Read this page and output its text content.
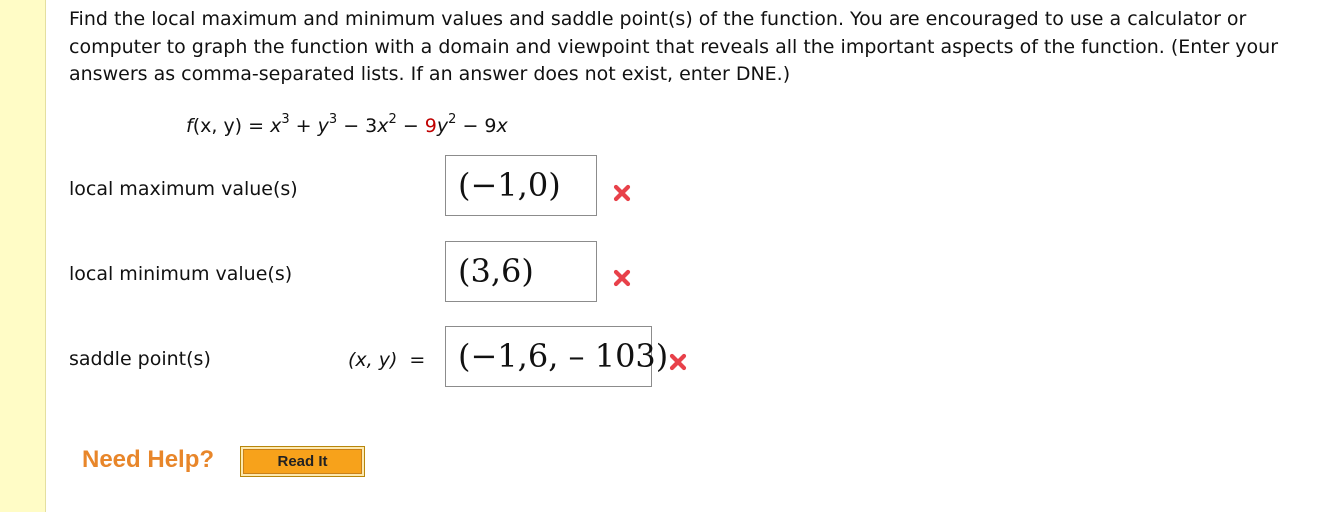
Find the local maximum and minimum values and saddle point(s) of the function. You are encouraged to use a calculator or computer to graph the function with a domain and viewpoint that reveals all the important aspects of the function. (Enter your answers as comma-separated lists. If an answer does not exist, enter DNE.)
f(x, $y) = x^3 + y^3 - 3x^2 - 9y^2 - 9x$
local maximum value(s)	(−1,0)
local minimum value(s)	(3,6)
saddle point(s)	(x, y) =	(−1,6, – 103)
Need Help?	Read It
